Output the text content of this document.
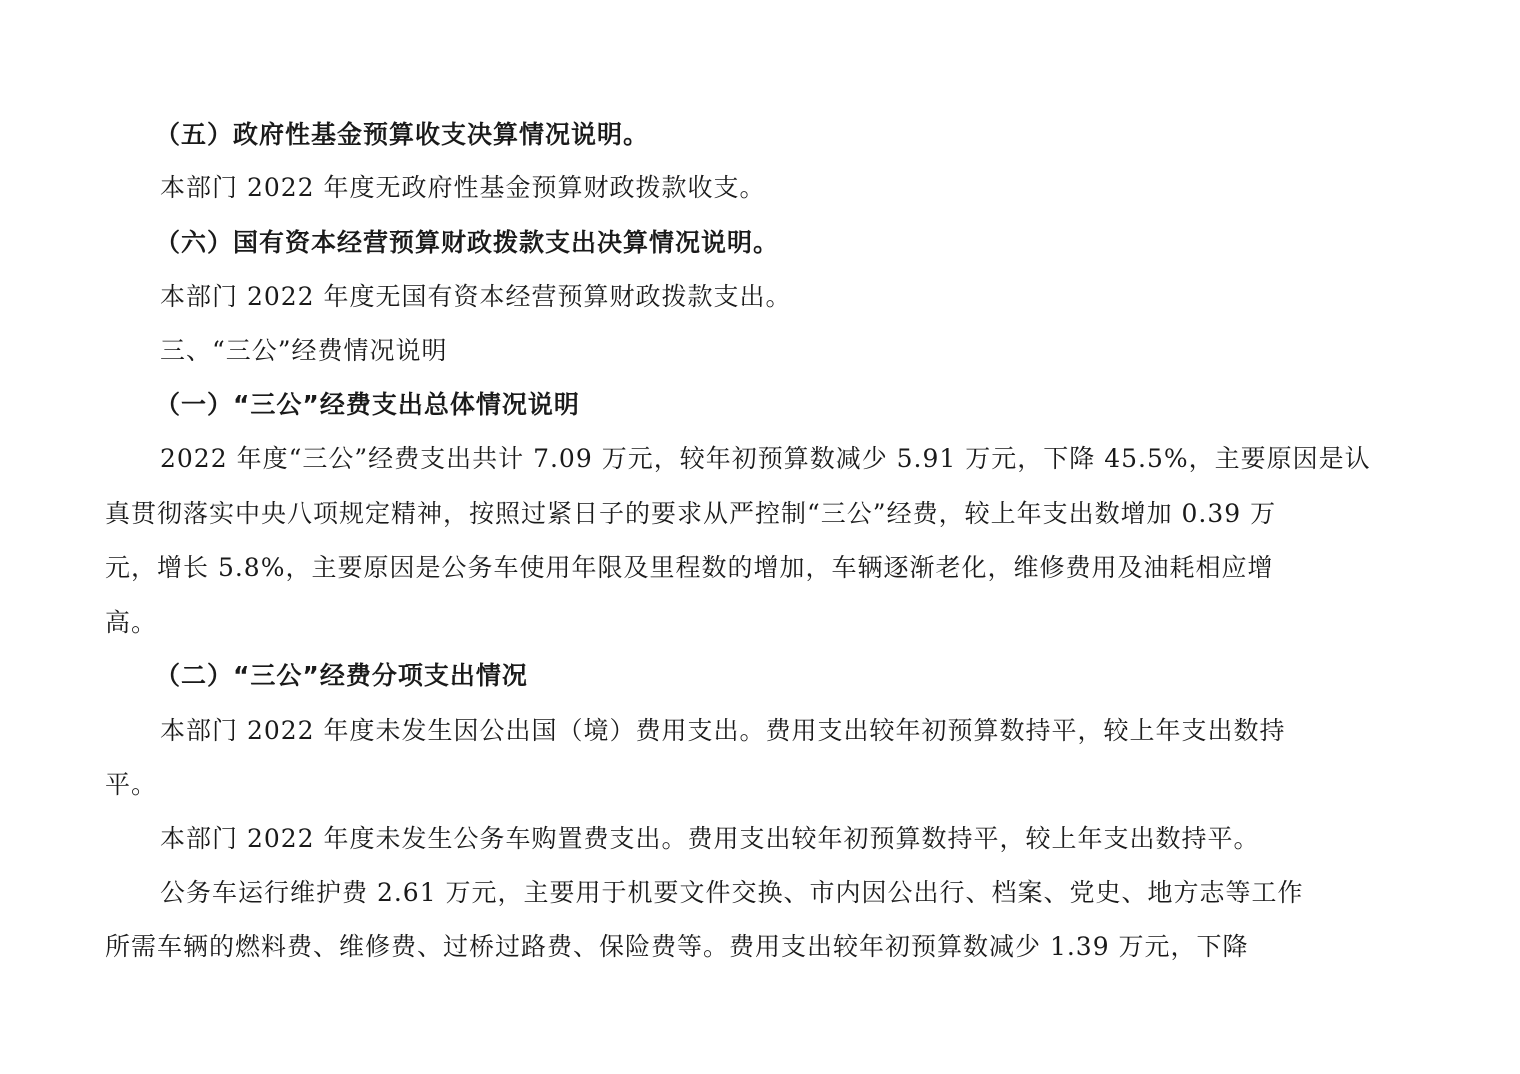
（五）政府性基金预算收支决算情况说明。
本部门 2022 年度无政府性基金预算财政拨款收支。
（六）国有资本经营预算财政拨款支出决算情况说明。
本部门 2022 年度无国有资本经营预算财政拨款支出。
三、“三公”经费情况说明
（一）“三公”经费支出总体情况说明
2022 年度“三公”经费支出共计 7.09 万元，较年初预算数减少 5.91 万元，下降 45.5%，主要原因是认
真贯彻落实中央八项规定精神，按照过紧日子的要求从严控制“三公”经费，较上年支出数增加 0.39 万
元，增长 5.8%，主要原因是公务车使用年限及里程数的增加，车辆逐渐老化，维修费用及油耗相应增
高。
（二）“三公”经费分项支出情况
本部门 2022 年度未发生因公出国（境）费用支出。费用支出较年初预算数持平，较上年支出数持
平。
本部门 2022 年度未发生公务车购置费支出。费用支出较年初预算数持平，较上年支出数持平。
公务车运行维护费 2.61 万元，主要用于机要文件交换、市内因公出行、档案、党史、地方志等工作
所需车辆的燃料费、维修费、过桥过路费、保险费等。费用支出较年初预算数减少 1.39 万元，下降
